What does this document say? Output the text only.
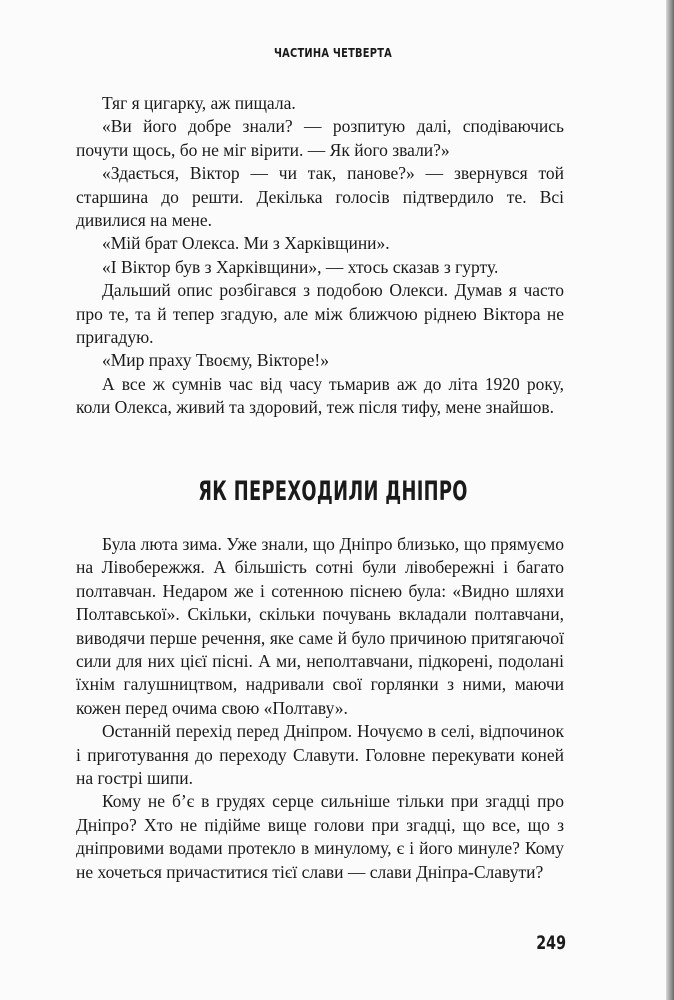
ЧАСТИНА ЧЕТВЕРТА

Тяг я цигарку, аж пищала.

«Ви його добре знали? — розпитую далі, сподіваючись почути щось, бо не міг вірити. — Як його звали?»

«Здається, Віктор — чи так, панове?» — звернувся той старшина до решти. Декілька голосів підтвердило те. Всі дивилися на мене.

«Мій брат Олекса. Ми з Харківщини».

«І Віктор був з Харківщини», — хтось сказав з гурту.

Дальший опис розбігався з подобою Олекси. Думав я часто про те, та й тепер згадую, але між ближчою ріднею Віктора не пригадую.

«Мир праху Твоєму, Вікторе!»

А все ж сумнів час від часу тьмарив аж до літа 1920 року, коли Олекса, живий та здоровий, теж після тифу, мене знайшов.

ЯК ПЕРЕХОДИЛИ ДНІПРО

Була люта зима. Уже знали, що Дніпро близько, що прямуємо на Лівобережжя. А більшість сотні були лівобережні і багато полтавчан. Недаром же і сотенною піснею була: «Видно шляхи Полтавської». Скільки, скільки почувань вкладали полтавчани, виводячи перше речення, яке саме й було причиною притягаючої сили для них цієї пісні. А ми, неполтавчани, підкорені, подолані їхнім галушництвом, надривали свої горлянки з ними, маючи кожен перед очима свою «Полтаву».

Останній перехід перед Дніпром. Ночуємо в селі, відпочинок і приготування до переходу Славути. Головне перекувати коней на гострі шипи.

Кому не б’є в грудях серце сильніше тільки при згадці про Дніпро? Хто не підійме вище голови при згадці, що все, що з дніпровими водами протекло в минулому, є і його минуле? Кому не хочеться причаститися тієї слави — слави Дніпра-Славути?

249
